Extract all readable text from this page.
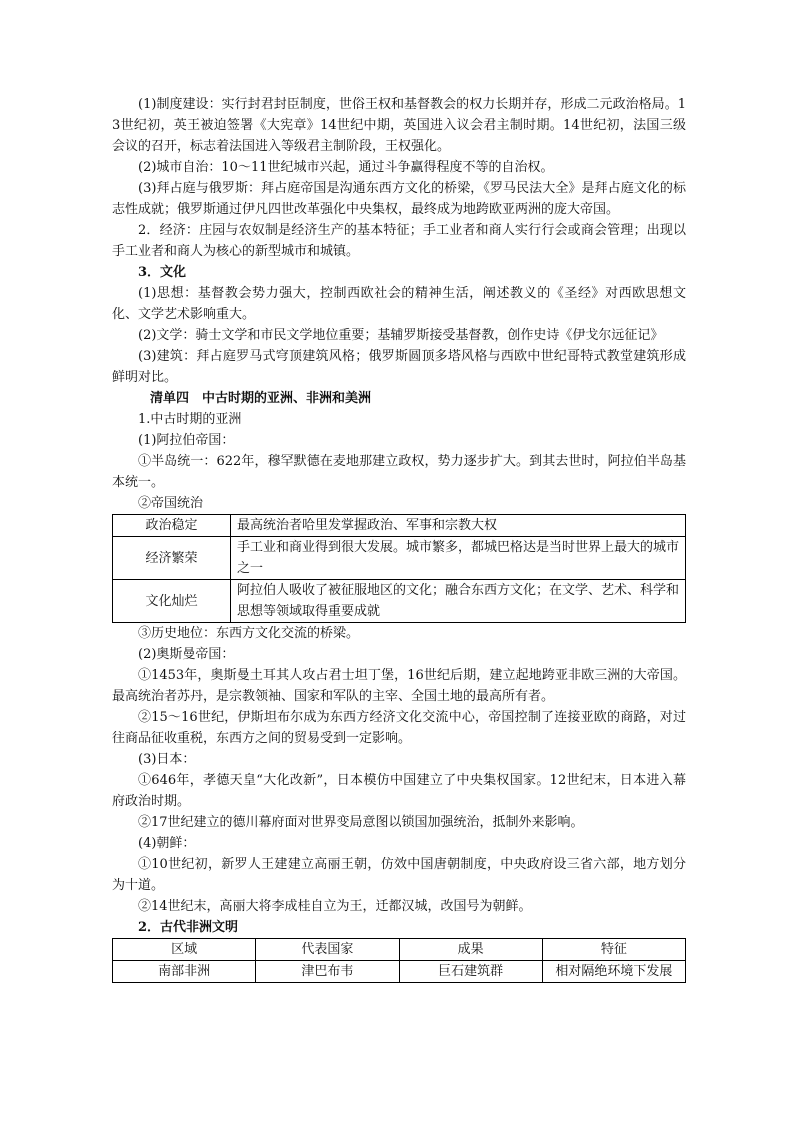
(1)制度建设：实行封君封臣制度，世俗王权和基督教会的权力长期并存，形成二元政治格局。13世纪初，英王被迫签署《大宪章》14世纪中期，英国进入议会君主制时期。14世纪初，法国三级会议的召开，标志着法国进入等级君主制阶段，王权强化。

(2)城市自治：10～11世纪城市兴起，通过斗争赢得程度不等的自治权。

(3)拜占庭与俄罗斯：拜占庭帝国是沟通东西方文化的桥梁，《罗马民法大全》是拜占庭文化的标志性成就；俄罗斯通过伊凡四世改革强化中央集权，最终成为地跨欧亚两洲的庞大帝国。

2．经济：庄园与农奴制是经济生产的基本特征；手工业者和商人实行行会或商会管理；出现以手工业者和商人为核心的新型城市和城镇。

3．文化

(1)思想：基督教会势力强大，控制西欧社会的精神生活，阐述教义的《圣经》对西欧思想文化、文学艺术影响重大。

(2)文学：骑士文学和市民文学地位重要；基辅罗斯接受基督教，创作史诗《伊戈尔远征记》

(3)建筑：拜占庭罗马式穹顶建筑风格；俄罗斯圆顶多塔风格与西欧中世纪哥特式教堂建筑形成鲜明对比。

清单四　中古时期的亚洲、非洲和美洲

1.中古时期的亚洲

(1)阿拉伯帝国：

①半岛统一：622年，穆罕默德在麦地那建立政权，势力逐步扩大。到其去世时，阿拉伯半岛基本统一。

②帝国统治

政治稳定	最高统治者哈里发掌握政治、军事和宗教大权
经济繁荣	手工业和商业得到很大发展。城市繁多，都城巴格达是当时世界上最大的城市之一
文化灿烂	阿拉伯人吸收了被征服地区的文化；融合东西方文化；在文学、艺术、科学和思想等领域取得重要成就

③历史地位：东西方文化交流的桥梁。

(2)奥斯曼帝国：

①1453年，奥斯曼土耳其人攻占君士坦丁堡，16世纪后期，建立起地跨亚非欧三洲的大帝国。最高统治者苏丹，是宗教领袖、国家和军队的主宰、全国土地的最高所有者。

②15～16世纪，伊斯坦布尔成为东西方经济文化交流中心，帝国控制了连接亚欧的商路，对过往商品征收重税，东西方之间的贸易受到一定影响。

(3)日本：

①646年，孝德天皇“大化改新”，日本模仿中国建立了中央集权国家。12世纪末，日本进入幕府政治时期。

②17世纪建立的德川幕府面对世界变局意图以锁国加强统治，抵制外来影响。

(4)朝鲜：

①10世纪初，新罗人王建建立高丽王朝，仿效中国唐朝制度，中央政府设三省六部，地方划分为十道。

②14世纪末，高丽大将李成桂自立为王，迁都汉城，改国号为朝鲜。

2．古代非洲文明

区域	代表国家	成果	特征
南部非洲	津巴布韦	巨石建筑群	相对隔绝环境下发展
